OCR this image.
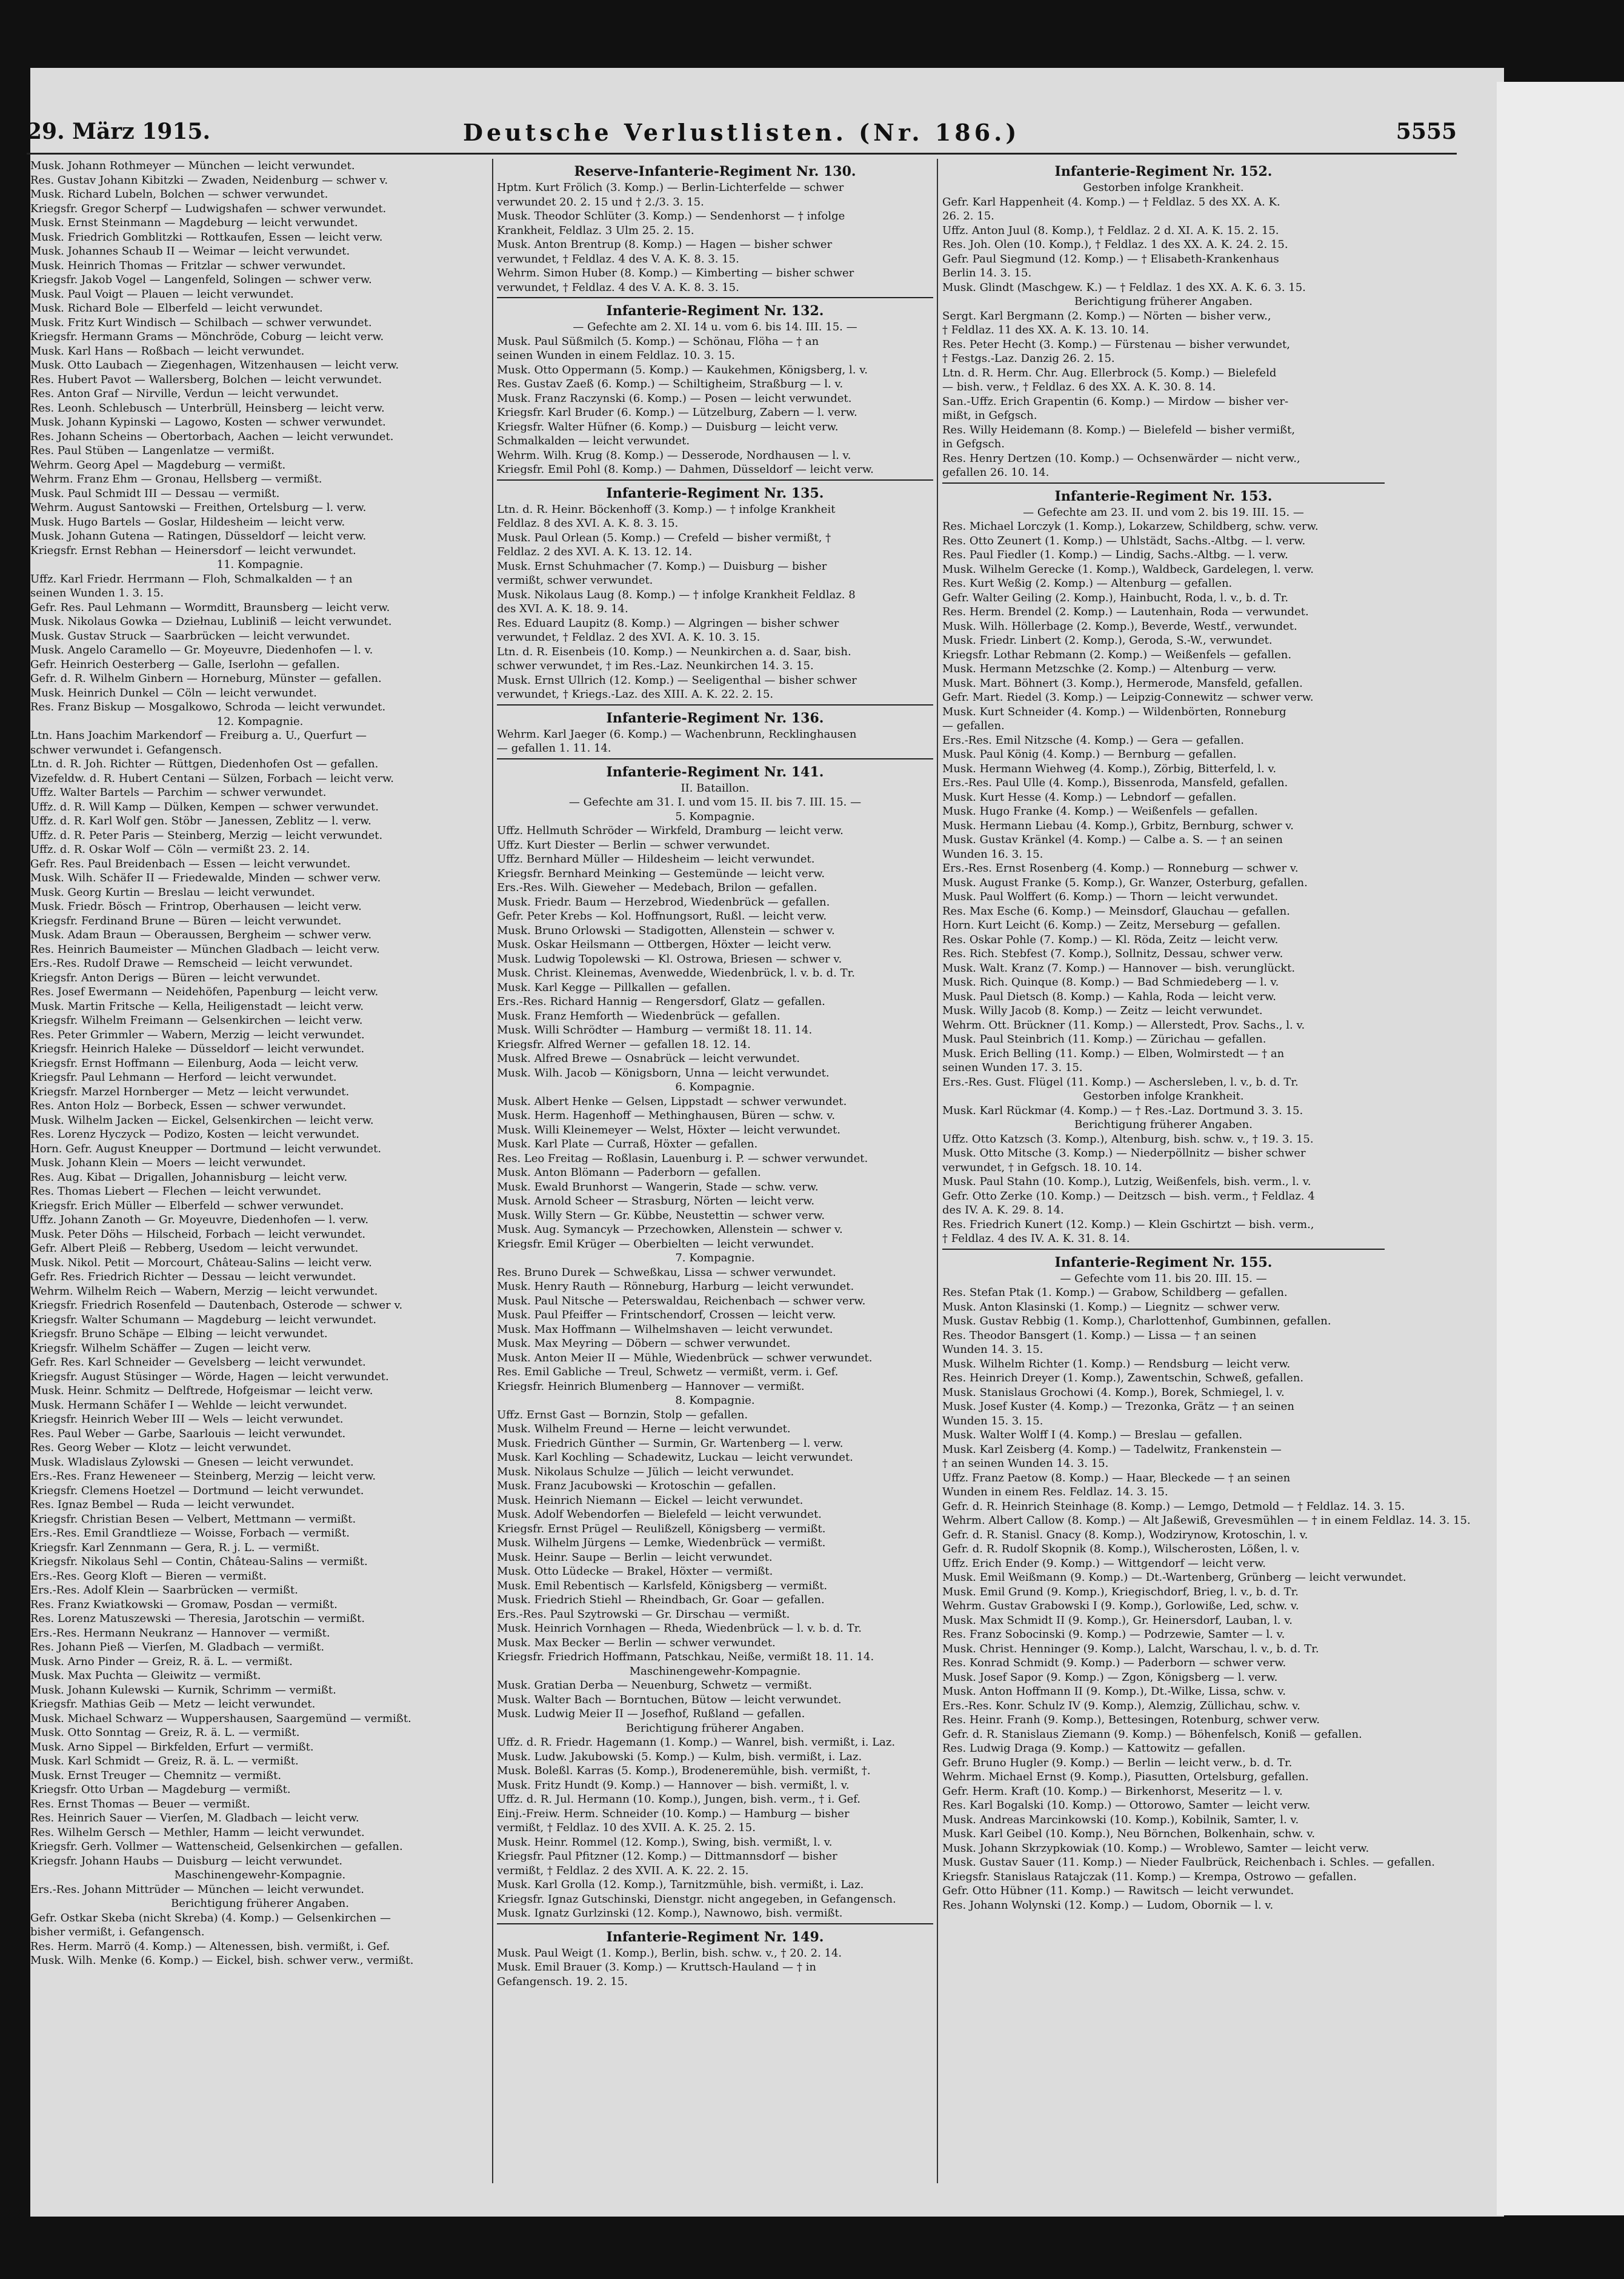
29. März 1915.	Deutsche Verlustlisten. (Nr. 186.)	5555
Musk. Johann Rothmeyer — München — leicht verwundet.
Res. Gustav Johann Kibitzki — Zwaden, Neidenburg — schwer v.
Musk. Richard Lubeln, Bolchen — schwer verwundet.
Kriegsfr. Gregor Scherpf — Ludwigshafen — schwer verwundet.
Musk. Ernst Steinmann — Magdeburg — leicht verwundet.
Musk. Friedrich Gomblitzki — Rottkaufen, Essen — leicht verw.
Musk. Johannes Schaub II — Weimar — leicht verwundet.
Musk. Heinrich Thomas — Fritzlar — schwer verwundet.
Kriegsfr. Jakob Vogel — Langenfeld, Solingen — schwer verw.
Musk. Paul Voigt — Plauen — leicht verwundet.
Musk. Richard Bole — Elberfeld — leicht verwundet.
Musk. Fritz Kurt Windisch — Schilbach — schwer verwundet.
Kriegsfr. Hermann Grams — Mönchröde, Coburg — leicht verw.
Musk. Karl Hans — Roßbach — leicht verwundet.
Musk. Otto Laubach — Ziegenhagen, Witzenhausen — leicht verw.
Res. Hubert Pavot — Wallersberg, Bolchen — leicht verwundet.
Res. Anton Graf — Nirville, Verdun — leicht verwundet.
Res. Leonh. Schlebusch — Unterbrüll, Heinsberg — leicht verw.
Musk. Johann Kypinski — Lagowo, Kosten — schwer verwundet.
Res. Johann Scheins — Obertorbach, Aachen — leicht verwundet.
Res. Paul Stüben — Langenlatze — vermißt.
Wehrm. Georg Apel — Magdeburg — vermißt.
Wehrm. Franz Ehm — Gronau, Hellsberg — vermißt.
Musk. Paul Schmidt III — Dessau — vermißt.
Wehrm. August Santowski — Freithen, Ortelsburg — l. verw.
Musk. Hugo Bartels — Goslar, Hildesheim — leicht verw.
Musk. Johann Gutena — Ratingen, Düsseldorf — leicht verw.
Kriegsfr. Ernst Rebhan — Heinersdorf — leicht verwundet.
11. Kompagnie.
Uffz. Karl Friedr. Herrmann — Floh, Schmalkalden — † an
seinen Wunden 1. 3. 15.
Gefr. Res. Paul Lehmann — Wormditt, Braunsberg — leicht verw.
Musk. Nikolaus Gowka — Dziełnau, Lubliniß — leicht verwundet.
Musk. Gustav Struck — Saarbrücken — leicht verwundet.
Musk. Angelo Caramello — Gr. Moyeuvre, Diedenhofen — l. v.
Gefr. Heinrich Oesterberg — Galle, Iserlohn — gefallen.
Gefr. d. R. Wilhelm Ginbern — Horneburg, Münster — gefallen.
Musk. Heinrich Dunkel — Cöln — leicht verwundet.
Res. Franz Biskup — Mosgalkowo, Schroda — leicht verwundet.
12. Kompagnie.
Ltn. Hans Joachim Markendorf — Freiburg a. U., Querfurt —
schwer verwundet i. Gefangensch.
Ltn. d. R. Joh. Richter — Rüttgen, Diedenhofen Ost — gefallen.
Vizefeldw. d. R. Hubert Centani — Sülzen, Forbach — leicht verw.
Uffz. Walter Bartels — Parchim — schwer verwundet.
Uffz. d. R. Will Kamp — Dülken, Kempen — schwer verwundet.
Uffz. d. R. Karl Wolf gen. Stöbr — Janessen, Zeblitz — l. verw.
Uffz. d. R. Peter Paris — Steinberg, Merzig — leicht verwundet.
Uffz. d. R. Oskar Wolf — Cöln — vermißt 23. 2. 14.
Gefr. Res. Paul Breidenbach — Essen — leicht verwundet.
Musk. Wilh. Schäfer II — Friedewalde, Minden — schwer verw.
Musk. Georg Kurtin — Breslau — leicht verwundet.
Musk. Friedr. Bösch — Frintrop, Oberhausen — leicht verw.
Kriegsfr. Ferdinand Brune — Büren — leicht verwundet.
Musk. Adam Braun — Oberaussen, Bergheim — schwer verw.
Res. Heinrich Baumeister — München Gladbach — leicht verw.
Ers.-Res. Rudolf Drawe — Remscheid — leicht verwundet.
Kriegsfr. Anton Derigs — Büren — leicht verwundet.
Res. Josef Ewermann — Neidehöfen, Papenburg — leicht verw.
Musk. Martin Fritsche — Kella, Heiligenstadt — leicht verw.
Kriegsfr. Wilhelm Freimann — Gelsenkirchen — leicht verw.
Res. Peter Grimmler — Wabern, Merzig — leicht verwundet.
Kriegsfr. Heinrich Haleke — Düsseldorf — leicht verwundet.
Kriegsfr. Ernst Hoffmann — Eilenburg, Aoda — leicht verw.
Kriegsfr. Paul Lehmann — Herford — leicht verwundet.
Kriegsfr. Marzel Hornberger — Metz — leicht verwundet.
Res. Anton Holz — Borbeck, Essen — schwer verwundet.
Musk. Wilhelm Jacken — Eickel, Gelsenkirchen — leicht verw.
Res. Lorenz Hyczyck — Podizo, Kosten — leicht verwundet.
Horn. Gefr. August Kneupper — Dortmund — leicht verwundet.
Musk. Johann Klein — Moers — leicht verwundet.
Res. Aug. Kibat — Drigallen, Johannisburg — leicht verw.
Res. Thomas Liebert — Flechen — leicht verwundet.
Kriegsfr. Erich Müller — Elberfeld — schwer verwundet.
Uffz. Johann Zanoth — Gr. Moyeuvre, Diedenhofen — l. verw.
Musk. Peter Döhs — Hilscheid, Forbach — leicht verwundet.
Gefr. Albert Pleiß — Rebberg, Usedom — leicht verwundet.
Musk. Nikol. Petit — Morcourt, Château-Salins — leicht verw.
Gefr. Res. Friedrich Richter — Dessau — leicht verwundet.
Wehrm. Wilhelm Reich — Wabern, Merzig — leicht verwundet.
Kriegsfr. Friedrich Rosenfeld — Dautenbach, Osterode — schwer v.
Kriegsfr. Walter Schumann — Magdeburg — leicht verwundet.
Kriegsfr. Bruno Schäpe — Elbing — leicht verwundet.
Kriegsfr. Wilhelm Schäffer — Zugen — leicht verw.
Gefr. Res. Karl Schneider — Gevelsberg — leicht verwundet.
Kriegsfr. August Stüsinger — Wörde, Hagen — leicht verwundet.
Musk. Heinr. Schmitz — Delftrede, Hofgeismar — leicht verw.
Musk. Hermann Schäfer I — Wehlde — leicht verwundet.
Kriegsfr. Heinrich Weber III — Wels — leicht verwundet.
Res. Paul Weber — Garbe, Saarlouis — leicht verwundet.
Res. Georg Weber — Klotz — leicht verwundet.
Musk. Wladislaus Zylowski — Gnesen — leicht verwundet.
Ers.-Res. Franz Heweneer — Steinberg, Merzig — leicht verw.
Kriegsfr. Clemens Hoetzel — Dortmund — leicht verwundet.
Res. Ignaz Bembel — Ruda — leicht verwundet.
Kriegsfr. Christian Besen — Velbert, Mettmann — vermißt.
Ers.-Res. Emil Grandtlieze — Woisse, Forbach — vermißt.
Kriegsfr. Karl Zennmann — Gera, R. j. L. — vermißt.
Kriegsfr. Nikolaus Sehl — Contin, Château-Salins — vermißt.
Ers.-Res. Georg Kloft — Bieren — vermißt.
Ers.-Res. Adolf Klein — Saarbrücken — vermißt.
Res. Franz Kwiatkowski — Gromaw, Posdan — vermißt.
Res. Lorenz Matuszewski — Theresia, Jarotschin — vermißt.
Ers.-Res. Hermann Neukranz — Hannover — vermißt.
Res. Johann Pieß — Vierſen, M. Gladbach — vermißt.
Musk. Arno Pinder — Greiz, R. ä. L. — vermißt.
Musk. Max Puchta — Gleiwitz — vermißt.
Musk. Johann Kulewski — Kurnik, Schrimm — vermißt.
Kriegsfr. Mathias Geib — Metz — leicht verwundet.
Musk. Michael Schwarz — Wuppershausen, Saargemünd — vermißt.
Musk. Otto Sonntag — Greiz, R. ä. L. — vermißt.
Musk. Arno Sippel — Birkfelden, Erfurt — vermißt.
Musk. Karl Schmidt — Greiz, R. ä. L. — vermißt.
Musk. Ernst Treuger — Chemnitz — vermißt.
Kriegsfr. Otto Urban — Magdeburg — vermißt.
Res. Ernst Thomas — Beuer — vermißt.
Res. Heinrich Sauer — Vierſen, M. Gladbach — leicht verw.
Res. Wilhelm Gersch — Methler, Hamm — leicht verwundet.
Kriegsfr. Gerh. Vollmer — Wattenscheid, Gelsenkirchen — gefallen.
Kriegsfr. Johann Haubs — Duisburg — leicht verwundet.
Maschinengewehr-Kompagnie.
Ers.-Res. Johann Mittrüder — München — leicht verwundet.
Berichtigung früherer Angaben.
Gefr. Ostkar Skeba (nicht Skreba) (4. Komp.) — Gelsenkirchen —
bisher vermißt, i. Gefangensch.
Res. Herm. Marrö (4. Komp.) — Altenessen, bish. vermißt, i. Gef.
Musk. Wilh. Menke (6. Komp.) — Eickel, bish. schwer verw., vermißt.
Reserve-Infanterie-Regiment Nr. 130.
Hptm. Kurt Frölich (3. Komp.) — Berlin-Lichterfelde — schwer
verwundet 20. 2. 15 und † 2./3. 3. 15.
Musk. Theodor Schlüter (3. Komp.) — Sendenhorst — † infolge
Krankheit, Feldlaz. 3 Ulm 25. 2. 15.
Musk. Anton Brentrup (8. Komp.) — Hagen — bisher schwer
verwundet, † Feldlaz. 4 des V. A. K. 8. 3. 15.
Wehrm. Simon Huber (8. Komp.) — Kimberting — bisher schwer
verwundet, † Feldlaz. 4 des V. A. K. 8. 3. 15.
Infanterie-Regiment Nr. 132.
— Gefechte am 2. XI. 14 u. vom 6. bis 14. III. 15. —
Musk. Paul Süßmilch (5. Komp.) — Schönau, Flöha — † an
seinen Wunden in einem Feldlaz. 10. 3. 15.
Musk. Otto Oppermann (5. Komp.) — Kaukehmen, Königsberg, l. v.
Res. Gustav Zaeß (6. Komp.) — Schiltigheim, Straßburg — l. v.
Musk. Franz Raczynski (6. Komp.) — Posen — leicht verwundet.
Kriegsfr. Karl Bruder (6. Komp.) — Lützelburg, Zabern — l. verw.
Kriegsfr. Walter Hüfner (6. Komp.) — Duisburg — leicht verw.
Schmalkalden — leicht verwundet.
Wehrm. Wilh. Krug (8. Komp.) — Desserode, Nordhausen — l. v.
Kriegsfr. Emil Pohl (8. Komp.) — Dahmen, Düsseldorf — leicht verw.
Infanterie-Regiment Nr. 135.
Ltn. d. R. Heinr. Böckenhoff (3. Komp.) — † infolge Krankheit
Feldlaz. 8 des XVI. A. K. 8. 3. 15.
Musk. Paul Orlean (5. Komp.) — Crefeld — bisher vermißt, †
Feldlaz. 2 des XVI. A. K. 13. 12. 14.
Musk. Ernst Schuhmacher (7. Komp.) — Duisburg — bisher
vermißt, schwer verwundet.
Musk. Nikolaus Laug (8. Komp.) — † infolge Krankheit Feldlaz. 8
des XVI. A. K. 18. 9. 14.
Res. Eduard Laupitz (8. Komp.) — Algringen — bisher schwer
verwundet, † Feldlaz. 2 des XVI. A. K. 10. 3. 15.
Ltn. d. R. Eisenbeis (10. Komp.) — Neunkirchen a. d. Saar, bish.
schwer verwundet, † im Res.-Laz. Neunkirchen 14. 3. 15.
Musk. Ernst Ullrich (12. Komp.) — Seeligenthal — bisher schwer
verwundet, † Kriegs.-Laz. des XIII. A. K. 22. 2. 15.
Infanterie-Regiment Nr. 136.
Wehrm. Karl Jaeger (6. Komp.) — Wachenbrunn, Recklinghausen
— gefallen 1. 11. 14.
Infanterie-Regiment Nr. 141.
II. Bataillon.
— Gefechte am 31. I. und vom 15. II. bis 7. III. 15. —
5. Kompagnie.
Uffz. Hellmuth Schröder — Wirkfeld, Dramburg — leicht verw.
Uffz. Kurt Diester — Berlin — schwer verwundet.
Uffz. Bernhard Müller — Hildesheim — leicht verwundet.
Kriegsfr. Bernhard Meinking — Gestemünde — leicht verw.
Ers.-Res. Wilh. Gieweher — Medebach, Brilon — gefallen.
Musk. Friedr. Baum — Herzebrod, Wiedenbrück — gefallen.
Gefr. Peter Krebs — Kol. Hoffnungsort, Rußl. — leicht verw.
Musk. Bruno Orlowski — Stadigotten, Allenstein — schwer v.
Musk. Oskar Heilsmann — Ottbergen, Höxter — leicht verw.
Musk. Ludwig Topolewski — Kl. Ostrowa, Briesen — schwer v.
Musk. Christ. Kleinemas, Avenwedde, Wiedenbrück, l. v. b. d. Tr.
Musk. Karl Kegge — Pillkallen — gefallen.
Ers.-Res. Richard Hannig — Rengersdorf, Glatz — gefallen.
Musk. Franz Hemforth — Wiedenbrück — gefallen.
Musk. Willi Schrödter — Hamburg — vermißt 18. 11. 14.
Kriegsfr. Alfred Werner — gefallen 18. 12. 14.
Musk. Alfred Brewe — Osnabrück — leicht verwundet.
Musk. Wilh. Jacob — Königsborn, Unna — leicht verwundet.
6. Kompagnie.
Musk. Albert Henke — Gelsen, Lippstadt — schwer verwundet.
Musk. Herm. Hagenhoff — Methinghausen, Büren — schw. v.
Musk. Willi Kleinemeyer — Welst, Höxter — leicht verwundet.
Musk. Karl Plate — Curraß, Höxter — gefallen.
Res. Leo Freitag — Roßlasin, Lauenburg i. P. — schwer verwundet.
Musk. Anton Blömann — Paderborn — gefallen.
Musk. Ewald Brunhorst — Wangerin, Stade — schw. verw.
Musk. Arnold Scheer — Strasburg, Nörten — leicht verw.
Musk. Willy Stern — Gr. Kübbe, Neustettin — schwer verw.
Musk. Aug. Symancyk — Przechowken, Allenstein — schwer v.
Kriegsfr. Emil Krüger — Oberbielten — leicht verwundet.
7. Kompagnie.
Res. Bruno Durek — Schweßkau, Lissa — schwer verwundet.
Musk. Henry Rauth — Rönneburg, Harburg — leicht verwundet.
Musk. Paul Nitsche — Peterswaldau, Reichenbach — schwer verw.
Musk. Paul Pfeiffer — Frintschendorf, Crossen — leicht verw.
Musk. Max Hoffmann — Wilhelmshaven — leicht verwundet.
Musk. Max Meyring — Döbern — schwer verwundet.
Musk. Anton Meier II — Mühle, Wiedenbrück — schwer verwundet.
Res. Emil Gabliche — Treul, Schwetz — vermißt, verm. i. Gef.
Kriegsfr. Heinrich Blumenberg — Hannover — vermißt.
8. Kompagnie.
Uffz. Ernst Gast — Bornzin, Stolp — gefallen.
Musk. Wilhelm Freund — Herne — leicht verwundet.
Musk. Friedrich Günther — Surmin, Gr. Wartenberg — l. verw.
Musk. Karl Kochling — Schadewitz, Luckau — leicht verwundet.
Musk. Nikolaus Schulze — Jülich — leicht verwundet.
Musk. Franz Jacubowski — Krotoschin — gefallen.
Musk. Heinrich Niemann — Eickel — leicht verwundet.
Musk. Adolf Webendorfen — Bielefeld — leicht verwundet.
Kriegsfr. Ernst Prügel — Reulißzell, Königsberg — vermißt.
Musk. Wilhelm Jürgens — Lemke, Wiedenbrück — vermißt.
Musk. Heinr. Saupe — Berlin — leicht verwundet.
Musk. Otto Lüdecke — Brakel, Höxter — vermißt.
Musk. Emil Rebentisch — Karlsfeld, Königsberg — vermißt.
Musk. Friedrich Stiehl — Rheindbach, Gr. Goar — gefallen.
Ers.-Res. Paul Szytrowski — Gr. Dirschau — vermißt.
Musk. Heinrich Vornhagen — Rheda, Wiedenbrück — l. v. b. d. Tr.
Musk. Max Becker — Berlin — schwer verwundet.
Kriegsfr. Friedrich Hoffmann, Patschkau, Neiße, vermißt 18. 11. 14.
Maschinengewehr-Kompagnie.
Musk. Gratian Derba — Neuenburg, Schwetz — vermißt.
Musk. Walter Bach — Borntuchen, Bütow — leicht verwundet.
Musk. Ludwig Meier II — Josefhof, Rußland — gefallen.
Berichtigung früherer Angaben.
Uffz. d. R. Friedr. Hagemann (1. Komp.) — Wanrel, bish. vermißt, i. Laz.
Musk. Ludw. Jakubowski (5. Komp.) — Kulm, bish. vermißt, i. Laz.
Musk. Boleßl. Karras (5. Komp.), Brodeneremühle, bish. vermißt, †.
Musk. Fritz Hundt (9. Komp.) — Hannover — bish. vermißt, l. v.
Uffz. d. R. Jul. Hermann (10. Komp.), Jungen, bish. verm., † i. Gef.
Einj.-Freiw. Herm. Schneider (10. Komp.) — Hamburg — bisher
vermißt, † Feldlaz. 10 des XVII. A. K. 25. 2. 15.
Musk. Heinr. Rommel (12. Komp.), Swing, bish. vermißt, l. v.
Kriegsfr. Paul Pfitzner (12. Komp.) — Dittmannsdorf — bisher
vermißt, † Feldlaz. 2 des XVII. A. K. 22. 2. 15.
Musk. Karl Grolla (12. Komp.), Tarnitzmühle, bish. vermißt, i. Laz.
Kriegsfr. Ignaz Gutschinski, Dienstgr. nicht angegeben, in Gefangensch.
Musk. Ignatz Gurlzinski (12. Komp.), Nawnowo, bish. vermißt.
Infanterie-Regiment Nr. 149.
Musk. Paul Weigt (1. Komp.), Berlin, bish. schw. v., † 20. 2. 14.
Musk. Emil Brauer (3. Komp.) — Kruttsch-Hauland — † in
Gefangensch. 19. 2. 15.
Infanterie-Regiment Nr. 152.
Gestorben infolge Krankheit.
Gefr. Karl Happenheit (4. Komp.) — † Feldlaz. 5 des XX. A. K.
26. 2. 15.
Uffz. Anton Juul (8. Komp.), † Feldlaz. 2 d. XI. A. K. 15. 2. 15.
Res. Joh. Olen (10. Komp.), † Feldlaz. 1 des XX. A. K. 24. 2. 15.
Gefr. Paul Siegmund (12. Komp.) — † Elisabeth-Krankenhaus
Berlin 14. 3. 15.
Musk. Glindt (Maschgew. K.) — † Feldlaz. 1 des XX. A. K. 6. 3. 15.
Berichtigung früherer Angaben.
Sergt. Karl Bergmann (2. Komp.) — Nörten — bisher verw.,
† Feldlaz. 11 des XX. A. K. 13. 10. 14.
Res. Peter Hecht (3. Komp.) — Fürstenau — bisher verwundet,
† Festgs.-Laz. Danzig 26. 2. 15.
Ltn. d. R. Herm. Chr. Aug. Ellerbrock (5. Komp.) — Bielefeld
— bish. verw., † Feldlaz. 6 des XX. A. K. 30. 8. 14.
San.-Uffz. Erich Grapentin (6. Komp.) — Mirdow — bisher ver-
mißt, in Gefgsch.
Res. Willy Heidemann (8. Komp.) — Bielefeld — bisher vermißt,
in Gefgsch.
Res. Henry Dertzen (10. Komp.) — Ochsenwärder — nicht verw.,
gefallen 26. 10. 14.
Infanterie-Regiment Nr. 153.
— Gefechte am 23. II. und vom 2. bis 19. III. 15. —
Res. Michael Lorczyk (1. Komp.), Lokarzew, Schildberg, schw. verw.
Res. Otto Zeunert (1. Komp.) — Uhlstädt, Sachs.-Altbg. — l. verw.
Res. Paul Fiedler (1. Komp.) — Lindig, Sachs.-Altbg. — l. verw.
Musk. Wilhelm Gerecke (1. Komp.), Waldbeck, Gardelegen, l. verw.
Res. Kurt Weßig (2. Komp.) — Altenburg — gefallen.
Gefr. Walter Geiling (2. Komp.), Hainbucht, Roda, l. v., b. d. Tr.
Res. Herm. Brendel (2. Komp.) — Lautenhain, Roda — verwundet.
Musk. Wilh. Höllerbage (2. Komp.), Beverde, Westf., verwundet.
Musk. Friedr. Linbert (2. Komp.), Geroda, S.-W., verwundet.
Kriegsfr. Lothar Rebmann (2. Komp.) — Weißenfels — gefallen.
Musk. Hermann Metzschke (2. Komp.) — Altenburg — verw.
Musk. Mart. Böhnert (3. Komp.), Hermerode, Mansfeld, gefallen.
Gefr. Mart. Riedel (3. Komp.) — Leipzig-Connewitz — schwer verw.
Musk. Kurt Schneider (4. Komp.) — Wildenbörten, Ronneburg
— gefallen.
Ers.-Res. Emil Nitzsche (4. Komp.) — Gera — gefallen.
Musk. Paul König (4. Komp.) — Bernburg — gefallen.
Musk. Hermann Wiehweg (4. Komp.), Zörbig, Bitterfeld, l. v.
Ers.-Res. Paul Ulle (4. Komp.), Bissenroda, Mansfeld, gefallen.
Musk. Kurt Hesse (4. Komp.) — Lebndorf — gefallen.
Musk. Hugo Franke (4. Komp.) — Weißenfels — gefallen.
Musk. Hermann Liebau (4. Komp.), Grbitz, Bernburg, schwer v.
Musk. Gustav Kränkel (4. Komp.) — Calbe a. S. — † an seinen
Wunden 16. 3. 15.
Ers.-Res. Ernst Rosenberg (4. Komp.) — Ronneburg — schwer v.
Musk. August Franke (5. Komp.), Gr. Wanzer, Osterburg, gefallen.
Musk. Paul Wolffert (6. Komp.) — Thorn — leicht verwundet.
Res. Max Esche (6. Komp.) — Meinsdorf, Glauchau — gefallen.
Horn. Kurt Leicht (6. Komp.) — Zeitz, Merseburg — gefallen.
Res. Oskar Pohle (7. Komp.) — Kl. Röda, Zeitz — leicht verw.
Res. Rich. Stebfest (7. Komp.), Sollnitz, Dessau, schwer verw.
Musk. Walt. Kranz (7. Komp.) — Hannover — bish. verunglückt.
Musk. Rich. Quinque (8. Komp.) — Bad Schmiedeberg — l. v.
Musk. Paul Dietsch (8. Komp.) — Kahla, Roda — leicht verw.
Musk. Willy Jacob (8. Komp.) — Zeitz — leicht verwundet.
Wehrm. Ott. Brückner (11. Komp.) — Allerstedt, Prov. Sachs., l. v.
Musk. Paul Steinbrich (11. Komp.) — Zürichau — gefallen.
Musk. Erich Belling (11. Komp.) — Elben, Wolmirstedt — † an
seinen Wunden 17. 3. 15.
Ers.-Res. Gust. Flügel (11. Komp.) — Aschersleben, l. v., b. d. Tr.
Gestorben infolge Krankheit.
Musk. Karl Rückmar (4. Komp.) — † Res.-Laz. Dortmund 3. 3. 15.
Berichtigung früherer Angaben.
Uffz. Otto Katzsch (3. Komp.), Altenburg, bish. schw. v., † 19. 3. 15.
Musk. Otto Mitsche (3. Komp.) — Niederpöllnitz — bisher schwer
verwundet, † in Gefgsch. 18. 10. 14.
Musk. Paul Stahn (10. Komp.), Lutzig, Weißenfels, bish. verm., l. v.
Gefr. Otto Zerke (10. Komp.) — Deitzsch — bish. verm., † Feldlaz. 4
des IV. A. K. 29. 8. 14.
Res. Friedrich Kunert (12. Komp.) — Klein Gschirtzt — bish. verm.,
† Feldlaz. 4 des IV. A. K. 31. 8. 14.
Infanterie-Regiment Nr. 155.
— Gefechte vom 11. bis 20. III. 15. —
Res. Stefan Ptak (1. Komp.) — Grabow, Schildberg — gefallen.
Musk. Anton Klasinski (1. Komp.) — Liegnitz — schwer verw.
Musk. Gustav Rebbig (1. Komp.), Charlottenhof, Gumbinnen, gefallen.
Res. Theodor Bansgert (1. Komp.) — Lissa — † an seinen
Wunden 14. 3. 15.
Musk. Wilhelm Richter (1. Komp.) — Rendsburg — leicht verw.
Res. Heinrich Dreyer (1. Komp.), Zawentschin, Schweß, gefallen.
Musk. Stanislaus Grochowi (4. Komp.), Borek, Schmiegel, l. v.
Musk. Josef Kuster (4. Komp.) — Trezonka, Grätz — † an seinen
Wunden 15. 3. 15.
Musk. Walter Wolff I (4. Komp.) — Breslau — gefallen.
Musk. Karl Zeisberg (4. Komp.) — Tadelwitz, Frankenstein —
† an seinen Wunden 14. 3. 15.
Uffz. Franz Paetow (8. Komp.) — Haar, Bleckede — † an seinen
Wunden in einem Res. Feldlaz. 14. 3. 15.
Gefr. d. R. Heinrich Steinhage (8. Komp.) — Lemgo, Detmold — † Feldlaz. 14. 3. 15.
Wehrm. Albert Callow (8. Komp.) — Alt Jaßewiß, Grevesmühlen — † in einem Feldlaz. 14. 3. 15.
Gefr. d. R. Stanisl. Gnacy (8. Komp.), Wodzirynow, Krotoschin, l. v.
Gefr. d. R. Rudolf Skopnik (8. Komp.), Wilscherosten, Lößen, l. v.
Uffz. Erich Ender (9. Komp.) — Wittgendorf — leicht verw.
Musk. Emil Weißmann (9. Komp.) — Dt.-Wartenberg, Grünberg — leicht verwundet.
Musk. Emil Grund (9. Komp.), Kriegischdorf, Brieg, l. v., b. d. Tr.
Wehrm. Gustav Grabowski I (9. Komp.), Gorlowiße, Led, schw. v.
Musk. Max Schmidt II (9. Komp.), Gr. Heinersdorf, Lauban, l. v.
Res. Franz Sobocinski (9. Komp.) — Podrzewie, Samter — l. v.
Musk. Christ. Henninger (9. Komp.), Lalcht, Warschau, l. v., b. d. Tr.
Res. Konrad Schmidt (9. Komp.) — Paderborn — schwer verw.
Musk. Josef Sapor (9. Komp.) — Zgon, Königsberg — l. verw.
Musk. Anton Hoffmann II (9. Komp.), Dt.-Wilke, Lissa, schw. v.
Ers.-Res. Konr. Schulz IV (9. Komp.), Alemzig, Züllichau, schw. v.
Res. Heinr. Franh (9. Komp.), Bettesingen, Rotenburg, schwer verw.
Gefr. d. R. Stanislaus Ziemann (9. Komp.) — Böhenfelsch, Koniß — gefallen.
Res. Ludwig Draga (9. Komp.) — Kattowitz — gefallen.
Gefr. Bruno Hugler (9. Komp.) — Berlin — leicht verw., b. d. Tr.
Wehrm. Michael Ernst (9. Komp.), Piasutten, Ortelsburg, gefallen.
Gefr. Herm. Kraft (10. Komp.) — Birkenhorst, Meseritz — l. v.
Res. Karl Bogalski (10. Komp.) — Ottorowo, Samter — leicht verw.
Musk. Andreas Marcinkowski (10. Komp.), Kobilnik, Samter, l. v.
Musk. Karl Geibel (10. Komp.), Neu Börnchen, Bolkenhain, schw. v.
Musk. Johann Skrzypkowiak (10. Komp.) — Wroblewo, Samter — leicht verw.
Musk. Gustav Sauer (11. Komp.) — Nieder Faulbrück, Reichenbach i. Schles. — gefallen.
Kriegsfr. Stanislaus Ratajczak (11. Komp.) — Krempa, Ostrowo — gefallen.
Gefr. Otto Hübner (11. Komp.) — Rawitsch — leicht verwundet.
Res. Johann Wolynski (12. Komp.) — Ludom, Obornik — l. v.
